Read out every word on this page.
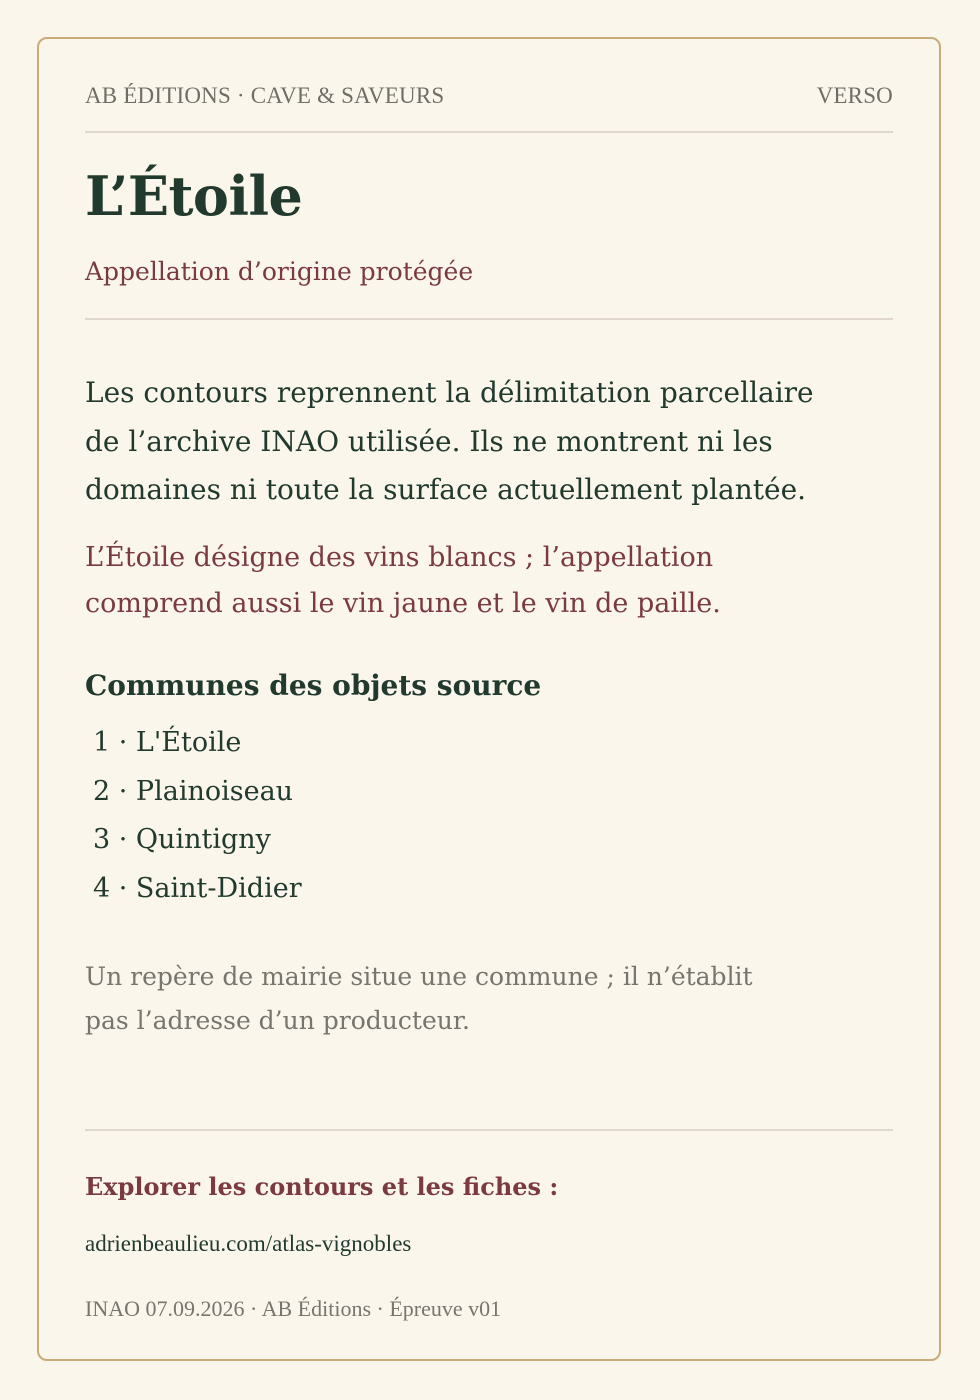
AB ÉDITIONS · CAVE & SAVEURS	VERSO
L’Étoile
Appellation d’origine protégée

Les contours reprennent la délimitation parcellaire de l’archive INAO utilisée. Ils ne montrent ni les domaines ni toute la surface actuellement plantée.

L’Étoile désigne des vins blancs ; l’appellation comprend aussi le vin jaune et le vin de paille.

Communes des objets source
1 · L'Étoile
2 · Plainoiseau
3 · Quintigny
4 · Saint-Didier

Un repère de mairie situe une commune ; il n’établit pas l’adresse d’un producteur.

Explorer les contours et les fiches :
adrienbeaulieu.com/atlas-vignobles
INAO 07.09.2026 · AB Éditions · Épreuve v01
